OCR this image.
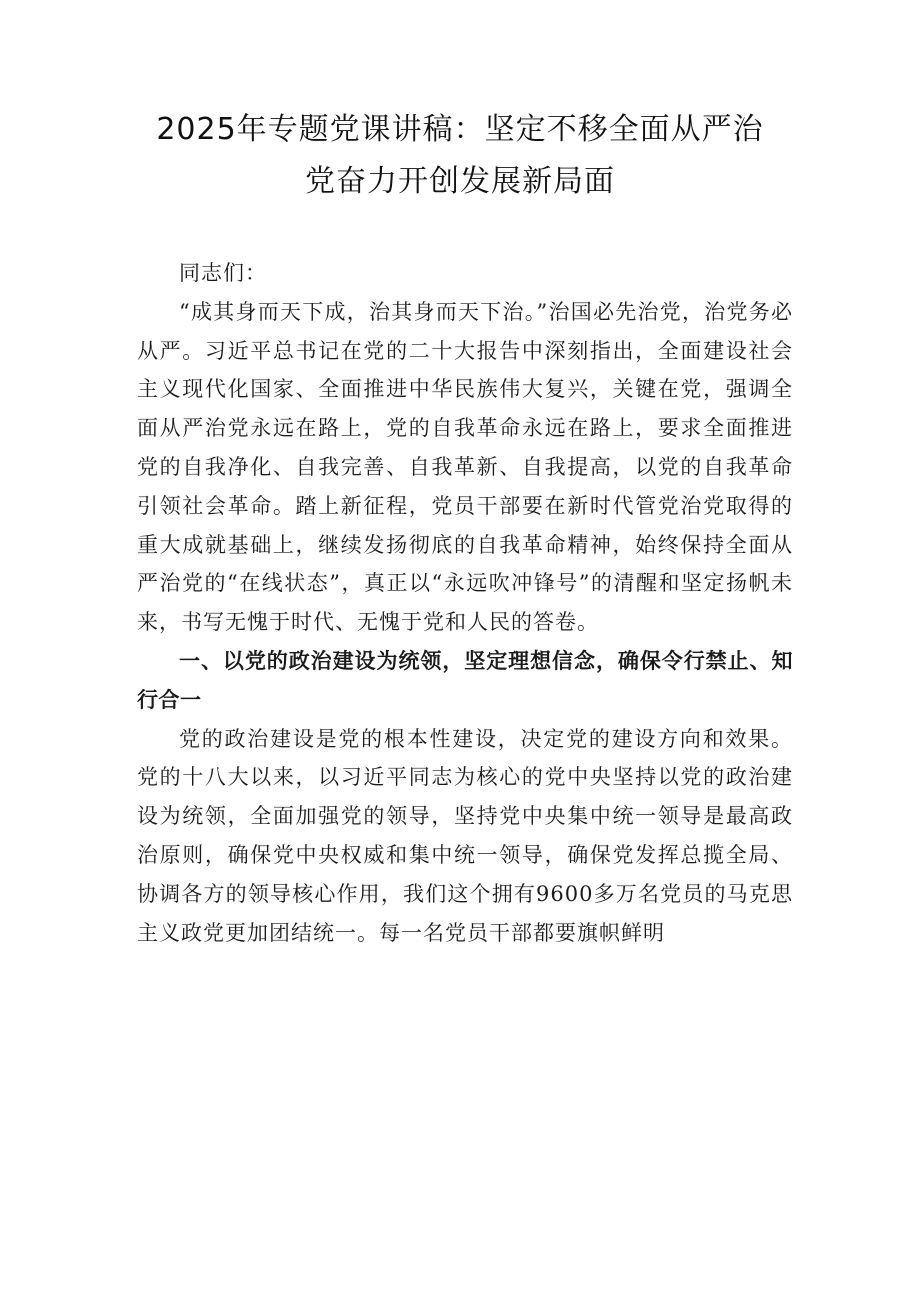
2025年专题党课讲稿：坚定不移全面从严治
党奋力开创发展新局面

同志们：

“成其身而天下成，治其身而天下治。”治国必先治党，治党务必从严。习近平总书记在党的二十大报告中深刻指出，全面建设社会主义现代化国家、全面推进中华民族伟大复兴，关键在党，强调全面从严治党永远在路上，党的自我革命永远在路上，要求全面推进党的自我净化、自我完善、自我革新、自我提高，以党的自我革命引领社会革命。踏上新征程，党员干部要在新时代管党治党取得的重大成就基础上，继续发扬彻底的自我革命精神，始终保持全面从严治党的“在线状态”，真正以“永远吹冲锋号”的清醒和坚定扬帆未来，书写无愧于时代、无愧于党和人民的答卷。

一、以党的政治建设为统领，坚定理想信念，确保令行禁止、知行合一

党的政治建设是党的根本性建设，决定党的建设方向和效果。党的十八大以来，以习近平同志为核心的党中央坚持以党的政治建设为统领，全面加强党的领导，坚持党中央集中统一领导是最高政治原则，确保党中央权威和集中统一领导，确保党发挥总揽全局、协调各方的领导核心作用，我们这个拥有9600多万名党员的马克思主义政党更加团结统一。每一名党员干部都要旗帜鲜明
